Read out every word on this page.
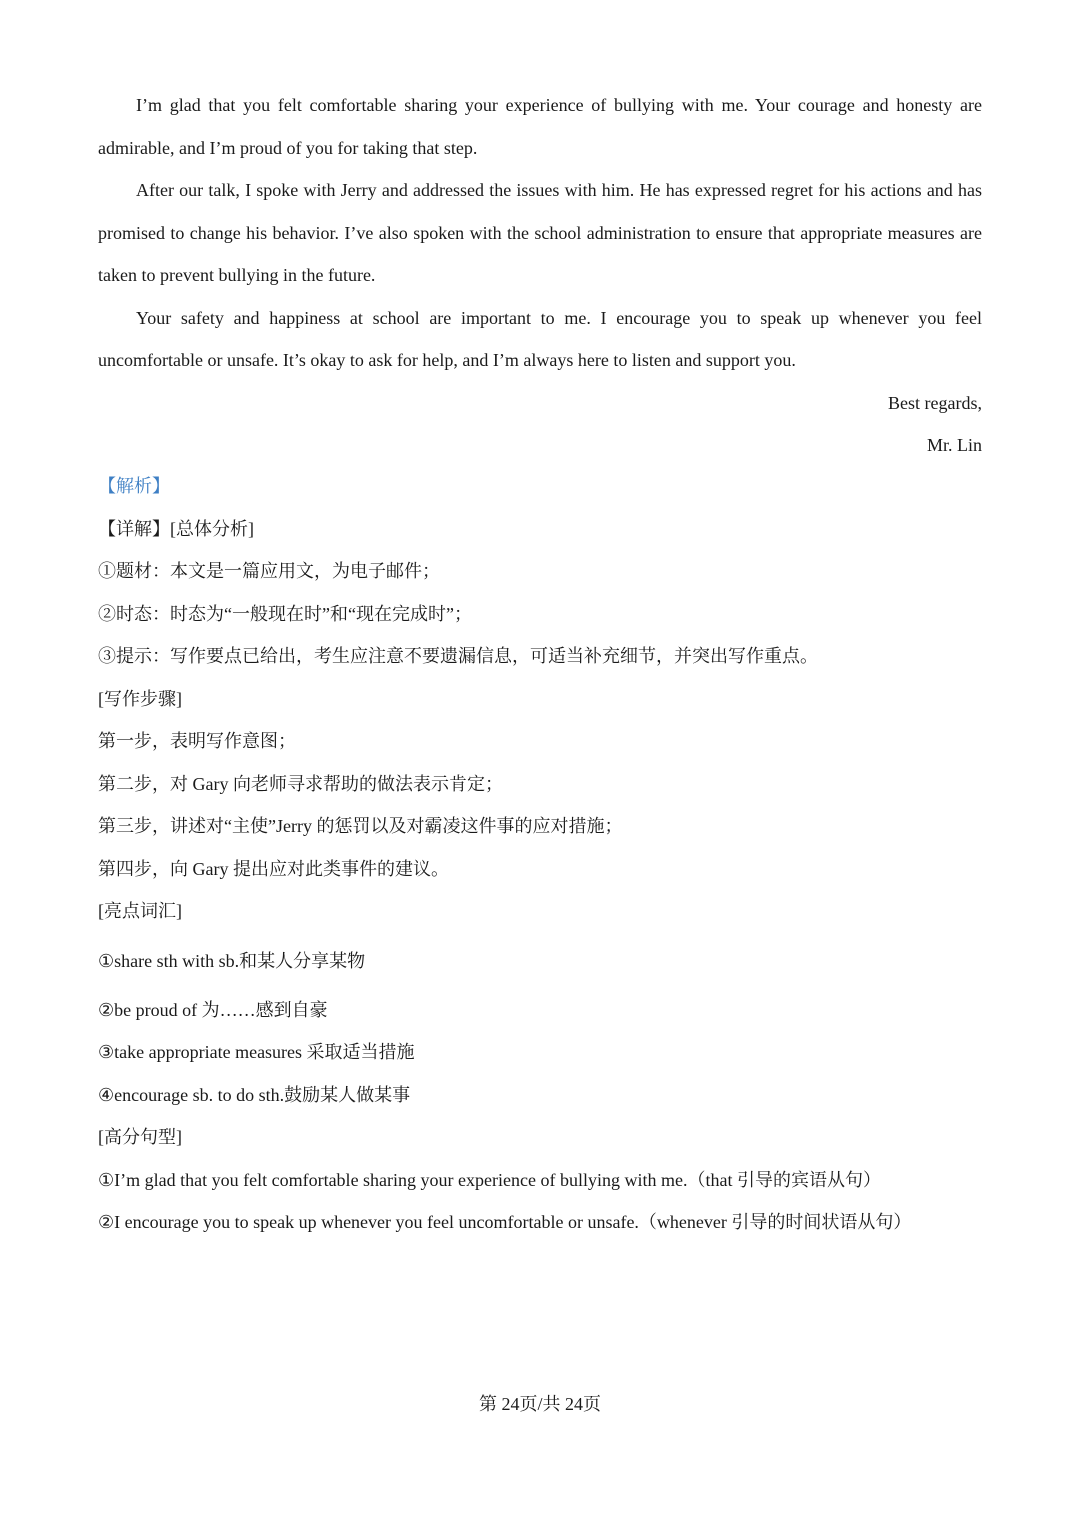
I’m glad that you felt comfortable sharing your experience of bullying with me. Your courage and honesty are admirable, and I’m proud of you for taking that step.

After our talk, I spoke with Jerry and addressed the issues with him. He has expressed regret for his actions and has promised to change his behavior. I’ve also spoken with the school administration to ensure that appropriate measures are taken to prevent bullying in the future.

Your safety and happiness at school are important to me. I encourage you to speak up whenever you feel uncomfortable or unsafe. It’s okay to ask for help, and I’m always here to listen and support you.

Best regards,

Mr. Lin

【解析】

【详解】[总体分析]

①题材：本文是一篇应用文，为电子邮件；

②时态：时态为“一般现在时”和“现在完成时”；

③提示：写作要点已给出，考生应注意不要遗漏信息，可适当补充细节，并突出写作重点。

[写作步骤]

第一步，表明写作意图；

第二步，对 Gary 向老师寻求帮助的做法表示肯定；

第三步，讲述对“主使”Jerry 的惩罚以及对霸凌这件事的应对措施；

第四步，向 Gary 提出应对此类事件的建议。

[亮点词汇]

①share sth with sb.和某人分享某物

②be proud of 为……感到自豪

③take appropriate measures 采取适当措施

④encourage sb. to do sth.鼓励某人做某事

[高分句型]

①I’m glad that you felt comfortable sharing your experience of bullying with me.（that 引导的宾语从句）

②I encourage you to speak up whenever you feel uncomfortable or unsafe.（whenever 引导的时间状语从句）

第 24页/共 24页
